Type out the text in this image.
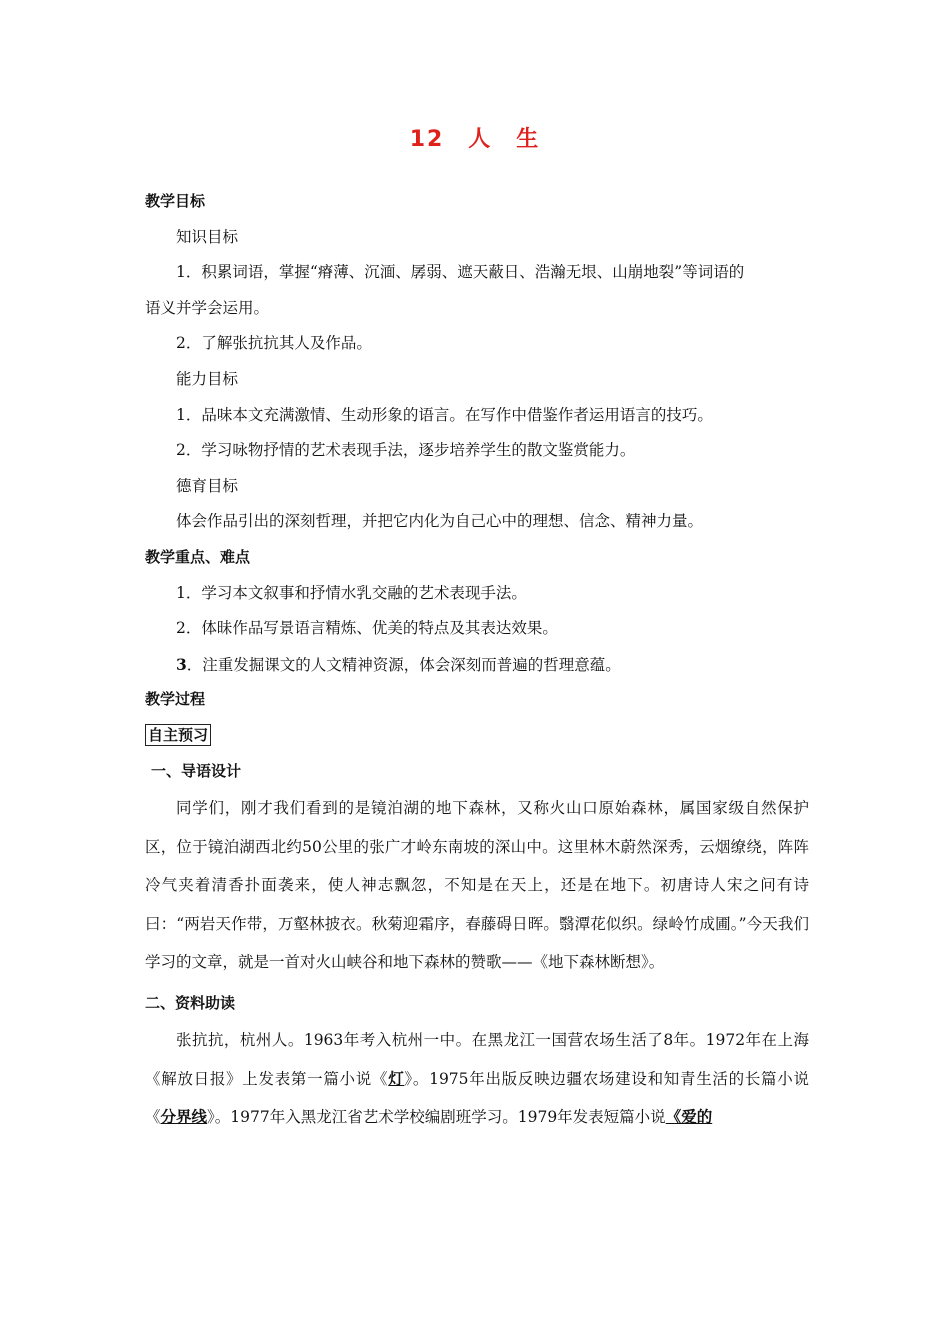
12　人　生
教学目标
知识目标
1．积累词语，掌握“瘠薄、沉湎、孱弱、遮天蔽日、浩瀚无垠、山崩地裂”等词语的
语义并学会运用。
2．了解张抗抗其人及作品。
能力目标
1．品味本文充满激情、生动形象的语言。在写作中借鉴作者运用语言的技巧。
2．学习咏物抒情的艺术表现手法，逐步培养学生的散文鉴赏能力。
德育目标
体会作品引出的深刻哲理，并把它内化为自己心中的理想、信念、精神力量。
教学重点、难点
1．学习本文叙事和抒情水乳交融的艺术表现手法。
2．体昧作品写景语言精炼、优美的特点及其表达效果。
3．注重发掘课文的人文精神资源，体会深刻而普遍的哲理意蕴。
教学过程
自主预习
一、导语设计
同学们，刚才我们看到的是镜泊湖的地下森林，又称火山口原始森林，属国家级自然保护区，位于镜泊湖西北约50公里的张广才岭东南坡的深山中。这里林木蔚然深秀，云烟缭绕，阵阵冷气夹着清香扑面袭来，使人神志飘忽，不知是在天上，还是在地下。初唐诗人宋之问有诗曰：“两岩天作带，万壑林披衣。秋菊迎霜序，春藤碍日晖。翳潭花似织。绿岭竹成圃。”今天我们学习的文章，就是一首对火山峡谷和地下森林的赞歌——《地下森林断想》。
二、资料助读
张抗抗，杭州人。1963年考入杭州一中。在黑龙江一国营农场生活了8年。1972年在上海《解放日报》上发表第一篇小说《灯》。1975年出版反映边疆农场建设和知青生活的长篇小说《分界线》。1977年入黑龙江省艺术学校编剧班学习。1979年发表短篇小说《爱的
